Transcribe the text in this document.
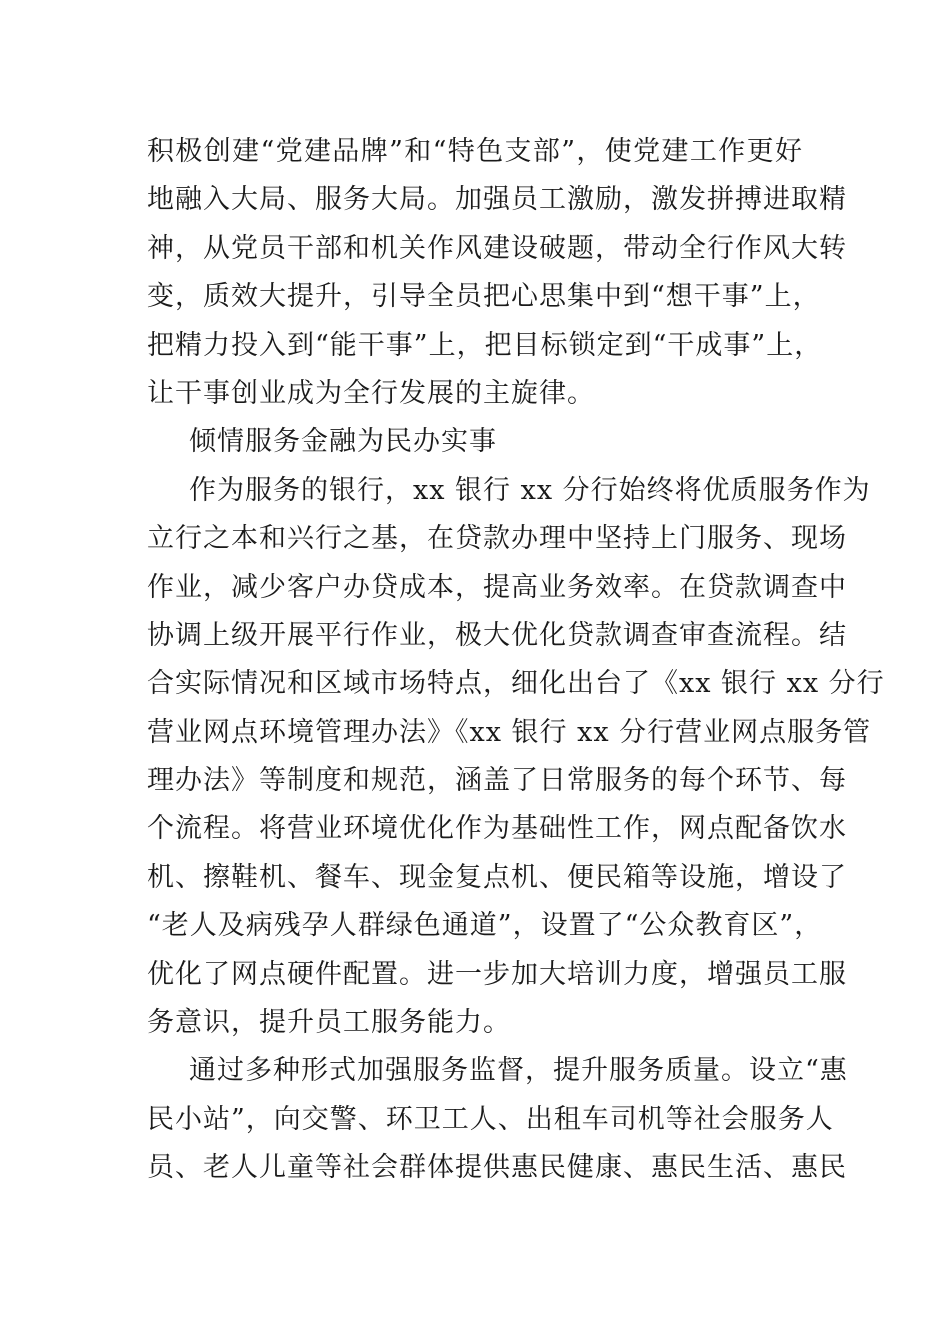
积极创建“党建品牌”和“特色支部”，使党建工作更好
地融入大局、服务大局。加强员工激励，激发拼搏进取精
神，从党员干部和机关作风建设破题，带动全行作风大转
变，质效大提升，引导全员把心思集中到“想干事”上，
把精力投入到“能干事”上，把目标锁定到“干成事”上，
让干事创业成为全行发展的主旋律。
倾情服务金融为民办实事
作为服务的银行，xx 银行 xx 分行始终将优质服务作为
立行之本和兴行之基，在贷款办理中坚持上门服务、现场
作业，减少客户办贷成本，提高业务效率。在贷款调查中
协调上级开展平行作业，极大优化贷款调查审查流程。结
合实际情况和区域市场特点，细化出台了《xx 银行 xx 分行
营业网点环境管理办法》《xx 银行 xx 分行营业网点服务管
理办法》等制度和规范，涵盖了日常服务的每个环节、每
个流程。将营业环境优化作为基础性工作，网点配备饮水
机、擦鞋机、餐车、现金复点机、便民箱等设施，增设了
“老人及病残孕人群绿色通道”，设置了“公众教育区”，
优化了网点硬件配置。进一步加大培训力度，增强员工服
务意识，提升员工服务能力。
通过多种形式加强服务监督，提升服务质量。设立“惠
民小站”，向交警、环卫工人、出租车司机等社会服务人
员、老人儿童等社会群体提供惠民健康、惠民生活、惠民
